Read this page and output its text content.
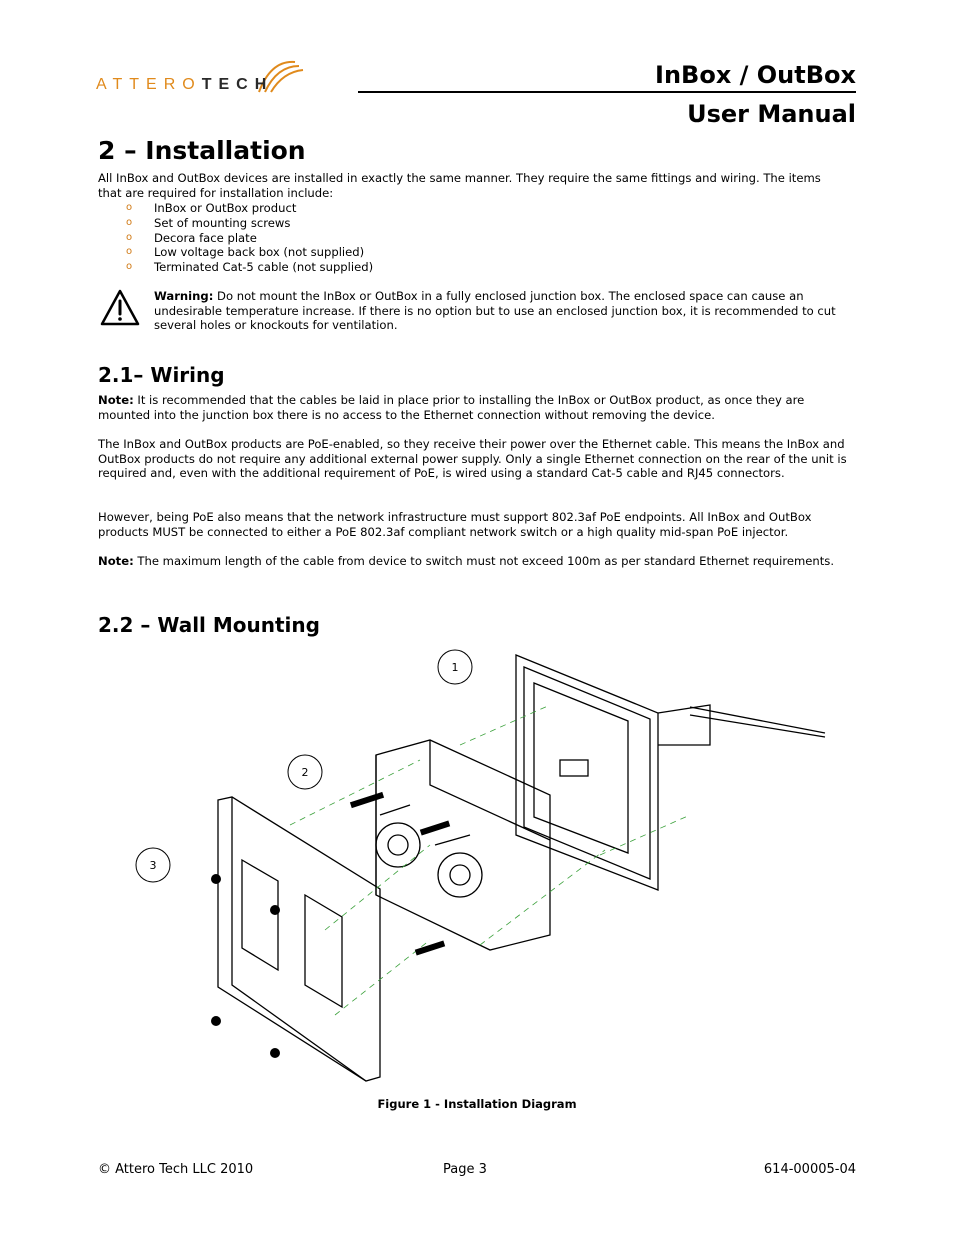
ATTEROTECH	InBox / OutBox
User Manual
2 – Installation

All InBox and OutBox devices are installed in exactly the same manner. They require the same fittings and wiring. The items that are required for installation include:

o InBox or OutBox product
o Set of mounting screws
o Decora face plate
o Low voltage back box (not supplied)
o Terminated Cat-5 cable (not supplied)

Warning: Do not mount the InBox or OutBox in a fully enclosed junction box. The enclosed space can cause an undesirable temperature increase. If there is no option but to use an enclosed junction box, it is recommended to cut several holes or knockouts for ventilation.

2.1– Wiring

Note: It is recommended that the cables be laid in place prior to installing the InBox or OutBox product, as once they are mounted into the junction box there is no access to the Ethernet connection without removing the device.

The InBox and OutBox products are PoE-enabled, so they receive their power over the Ethernet cable. This means the InBox and OutBox products do not require any additional external power supply. Only a single Ethernet connection on the rear of the unit is required and, even with the additional requirement of PoE, is wired using a standard Cat-5 cable and RJ45 connectors.

However, being PoE also means that the network infrastructure must support 802.3af PoE endpoints. All InBox and OutBox products MUST be connected to either a PoE 802.3af compliant network switch or a high quality mid-span PoE injector.

Note: The maximum length of the cable from device to switch must not exceed 100m as per standard Ethernet requirements.

2.2 – Wall Mounting
1
2
3
Figure 1 - Installation Diagram
© Attero Tech LLC 2010	Page 3	614-00005-04
